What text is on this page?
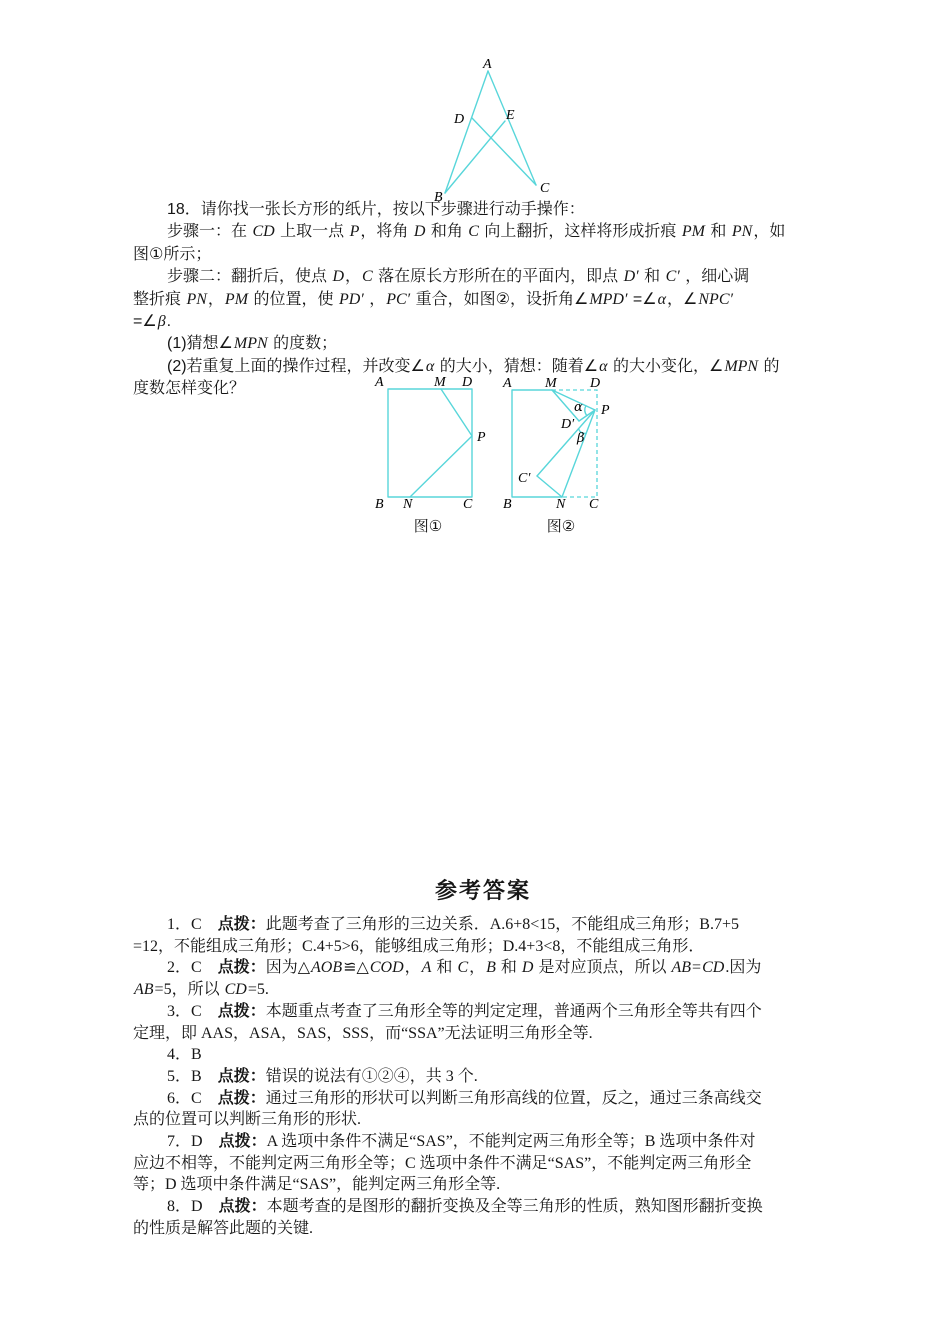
A
D	E
B
C
18．请你找一张长方形的纸片，按以下步骤进行动手操作：
步骤一：在 CD 上取一点 P，将角 D 和角 C 向上翻折，这样将形成折痕 PM 和 PN，如
图①所示；
步骤二：翻折后，使点 D，C 落在原长方形所在的平面内，即点 D′ 和 C′ ，细心调
整折痕 PN，PM 的位置，使 PD′ ，PC′ 重合，如图②，设折角∠MPD′ =∠α，∠NPC′
=∠β.
(1)猜想∠MPN 的度数；
(2)若重复上面的操作过程，并改变∠α 的大小，猜想：随着∠α 的大小变化，∠MPN 的
度数怎样变化？	A	M D
P
B N	C
图①
A M D
P
α
D′
β
C′
B	N C
图②
参考答案
1．C　点拨：此题考查了三角形的三边关系．A.6+8<15，不能组成三角形；B.7+5
=12，不能组成三角形；C.4+5>6，能够组成三角形；D.4+3<8，不能组成三角形．
2．C　点拨：因为△AOB≌△COD，A 和 C，B 和 D 是对应顶点，所以 AB=CD.因为
AB=5，所以 CD=5.
3．C　点拨：本题重点考查了三角形全等的判定定理，普通两个三角形全等共有四个
定理，即 AAS，ASA，SAS，SSS，而“SSA”无法证明三角形全等.
4．B
5．B　点拨：错误的说法有①②④，共 3 个.
6．C　点拨：通过三角形的形状可以判断三角形高线的位置，反之，通过三条高线交
点的位置可以判断三角形的形状.
7．D　点拨：A 选项中条件不满足“SAS”，不能判定两三角形全等；B 选项中条件对
应边不相等，不能判定两三角形全等；C 选项中条件不满足“SAS”，不能判定两三角形全
等；D 选项中条件满足“SAS”，能判定两三角形全等.
8．D　点拨：本题考查的是图形的翻折变换及全等三角形的性质，熟知图形翻折变换
的性质是解答此题的关键.
